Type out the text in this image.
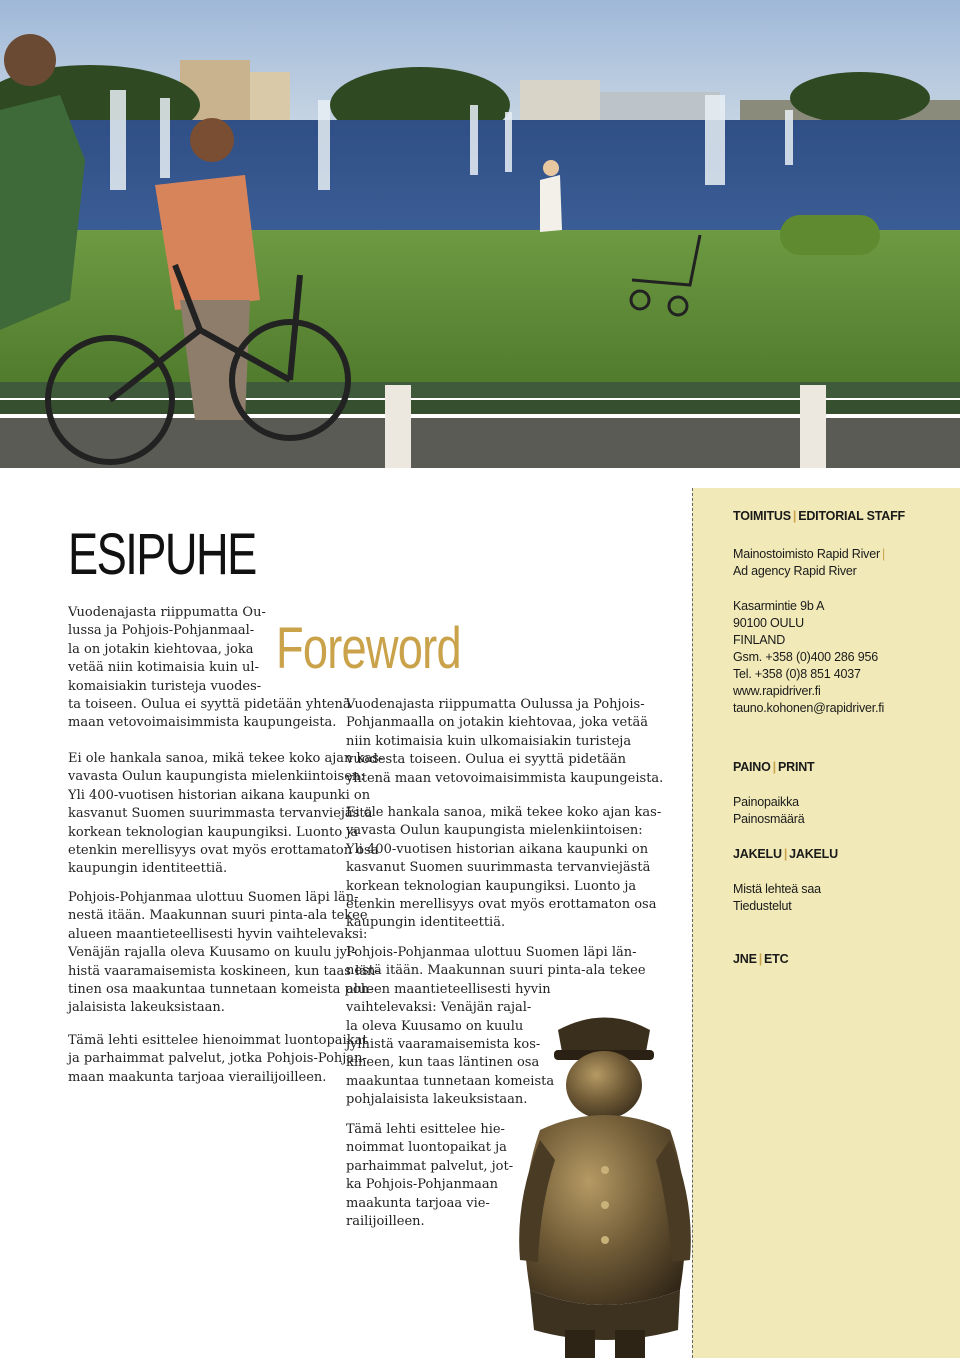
TOIMITUS | EDITORIAL STAFF
Mainostoimisto Rapid River |
Ad agency Rapid River
Kasarmintie 9b A
90100 OULU
FINLAND
Gsm. +358 (0)400 286 956
Tel. +358 (0)8 851 4037
www.rapidriver.fi
tauno.kohonen@rapidriver.fi
PAINO | PRINT
Painopaikka
Painosmäärä
JAKELU | JAKELU
Mistä lehteä saa
Tiedustelut
JNE | ETC
ESIPUHE
Foreword
Vuodenajasta riippumatta Ou-
lussa ja Pohjois-Pohjanmaal-
la on jotakin kiehtovaa, joka
vetää niin kotimaisia kuin ul-
komaisiakin turisteja vuodes-
ta toiseen. Oulua ei syyttä pidetään yhtenä
maan vetovoimaisimmista kaupungeista.
Ei ole hankala sanoa, mikä tekee koko ajan kas-
vavasta Oulun kaupungista mielenkiintoisen:
Yli 400-vuotisen historian aikana kaupunki on
kasvanut Suomen suurimmasta tervanviejästä
korkean teknologian kaupungiksi. Luonto ja
etenkin merellisyys ovat myös erottamaton osa
kaupungin identiteettiä.
Pohjois-Pohjanmaa ulottuu Suomen läpi län-
nestä itään. Maakunnan suuri pinta-ala tekee
alueen maantieteellisesti hyvin vaihtelevaksi:
Venäjän rajalla oleva Kuusamo on kuulu jyl-
histä vaaramaisemista koskineen, kun taas län-
tinen osa maakuntaa tunnetaan komeista poh-
jalaisista lakeuksistaan.
Tämä lehti esittelee hienoimmat luontopaikat
ja parhaimmat palvelut, jotka Pohjois-Pohjan-
maan maakunta tarjoaa vierailijoilleen.
Vuodenajasta riippumatta Oulussa ja Pohjois-
Pohjanmaalla on jotakin kiehtovaa, joka vetää
niin kotimaisia kuin ulkomaisiakin turisteja
vuodesta toiseen. Oulua ei syyttä pidetään
yhtenä maan vetovoimaisimmista kaupungeista.
Ei ole hankala sanoa, mikä tekee koko ajan kas-
vavasta Oulun kaupungista mielenkiintoisen:
Yli 400-vuotisen historian aikana kaupunki on
kasvanut Suomen suurimmasta tervanviejästä
korkean teknologian kaupungiksi. Luonto ja
etenkin merellisyys ovat myös erottamaton osa
kaupungin identiteettiä.
Pohjois-Pohjanmaa ulottuu Suomen läpi län-
nestä itään. Maakunnan suuri pinta-ala tekee
alueen maantieteellisesti hyvin
vaihtelevaksi: Venäjän rajal-
la oleva Kuusamo on kuulu
jylhistä vaaramaisemista kos-
kineen, kun taas läntinen osa
maakuntaa tunnetaan komeista
pohjalaisista lakeuksistaan.
Tämä lehti esittelee hie-
noimmat luontopaikat ja
parhaimmat palvelut, jot-
ka Pohjois-Pohjanmaan
maakunta tarjoaa vie-
railijoilleen.
